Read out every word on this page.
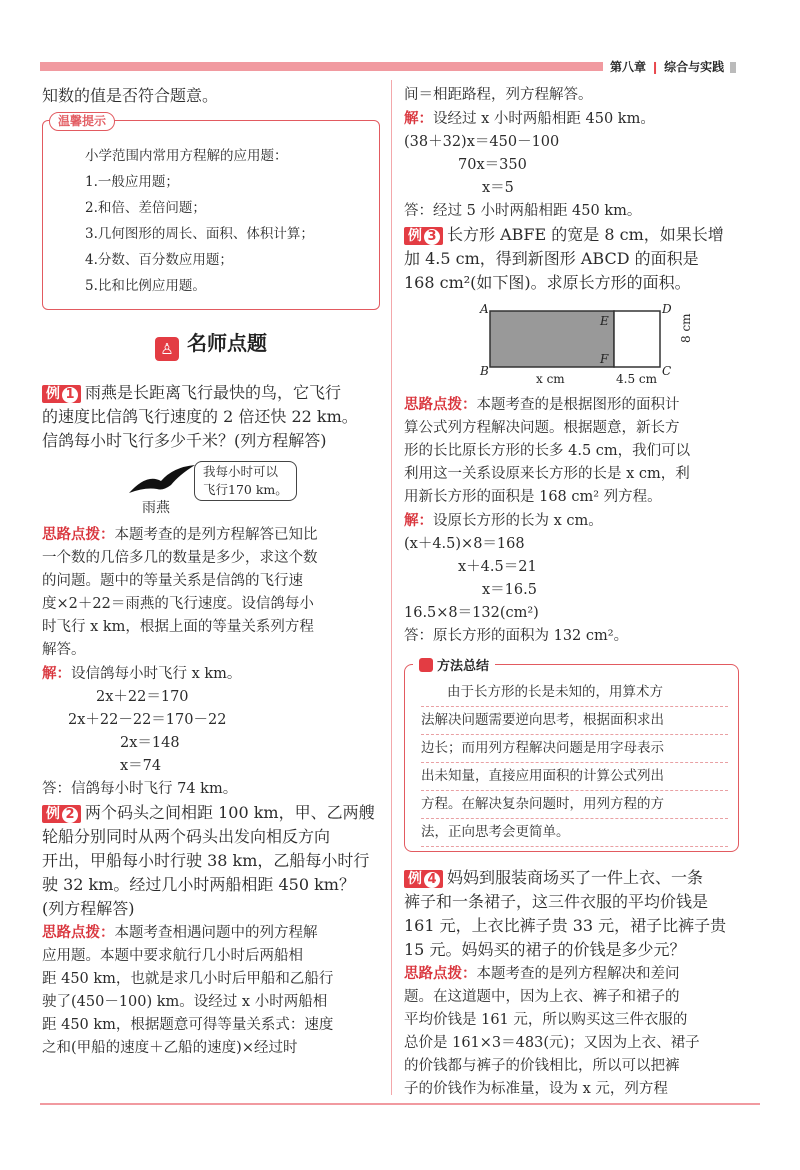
第八章 ❙ 综合与实践

知数的值是否符合题意。

温馨提示

小学范围内常用方程解的应用题：

1.一般应用题；

2.和倍、差倍问题；

3.几何图形的周长、面积、体积计算；

4.分数、百分数应用题；

5.比和比例应用题。

♙ 名师点题

例 1 雨燕是长距离飞行最快的鸟，它飞行

的速度比信鸽飞行速度的 2 倍还快 22 km。

信鸽每小时飞行多少千米？(列方程解答)

我每小时可以
飞行170 km。
雨燕

思路点拨：本题考查的是列方程解答已知比

一个数的几倍多几的数量是多少，求这个数

的问题。题中的等量关系是信鸽的飞行速

度×2＋22＝雨燕的飞行速度。设信鸽每小

时飞行 x km，根据上面的等量关系列方程

解答。

解：设信鸽每小时飞行 x km。

2x＋22＝170

2x＋22－22＝170－22

2x＝148

x＝74

答：信鸽每小时飞行 74 km。

例 2 两个码头之间相距 100 km，甲、乙两艘

轮船分别同时从两个码头出发向相反方向

开出，甲船每小时行驶 38 km，乙船每小时行

驶 32 km。经过几小时两船相距 450 km？

(列方程解答)

思路点拨：本题考查相遇问题中的列方程解

应用题。本题中要求航行几小时后两船相

距 450 km，也就是求几小时后甲船和乙船行

驶了(450－100) km。设经过 x 小时两船相

距 450 km，根据题意可得等量关系式：速度

之和(甲船的速度＋乙船的速度)×经过时

间＝相距路程，列方程解答。

解：设经过 x 小时两船相距 450 km。

(38＋32)x＝450－100

70x＝350

x＝5

答：经过 5 小时两船相距 450 km。

例 3 长方形 ABFE 的宽是 8 cm，如果长增

加 4.5 cm，得到新图形 ABCD 的面积是

168 cm²(如下图)。求原长方形的面积。

A
B	C
D
E
F
x cm	4.5 cm
8 cm

思路点拨：本题考查的是根据图形的面积计

算公式列方程解决问题。根据题意，新长方

形的长比原长方形的长多 4.5 cm，我们可以

利用这一关系设原来长方形的长是 x cm，利

用新长方形的面积是 168 cm² 列方程。

解：设原长方形的长为 x cm。

(x＋4.5)×8＝168

x＋4.5＝21

x＝16.5

16.5×8＝132(cm²)

答：原长方形的面积为 132 cm²。

方法总结

由于长方形的长是未知的，用算术方

法解决问题需要逆向思考，根据面积求出

边长；而用列方程解决问题是用字母表示

出未知量，直接应用面积的计算公式列出

方程。在解决复杂问题时，用列方程的方

法，正向思考会更简单。

例 4 妈妈到服装商场买了一件上衣、一条

裤子和一条裙子，这三件衣服的平均价钱是

161 元，上衣比裤子贵 33 元，裙子比裤子贵

15 元。妈妈买的裙子的价钱是多少元？

思路点拨：本题考查的是列方程解决和差问

题。在这道题中，因为上衣、裤子和裙子的

平均价钱是 161 元，所以购买这三件衣服的

总价是 161×3＝483(元)；又因为上衣、裙子

的价钱都与裤子的价钱相比，所以可以把裤

子的价钱作为标准量，设为 x 元，列方程
